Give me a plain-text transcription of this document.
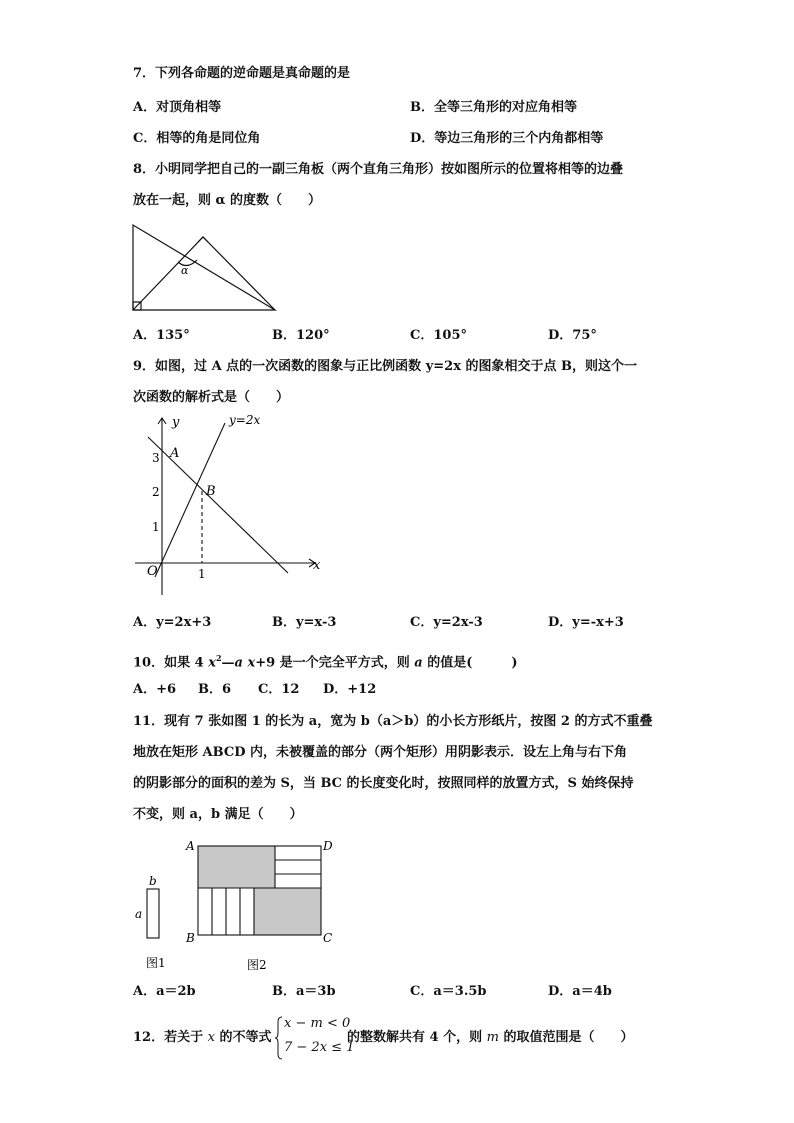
7．下列各命题的逆命题是真命题的是
A．对顶角相等	B．全等三角形的对应角相等
C．相等的角是同位角	D．等边三角形的三个内角都相等
8．小明同学把自己的一副三角板（两个直角三角形）按如图所示的位置将相等的边叠
放在一起，则 α 的度数（　　）
α
A．135°	B．120°	C．105°	D．75°
9．如图，过 A 点的一次函数的图象与正比例函数 y=2x 的图象相交于点 B，则这个一
次函数的解析式是（　　）
y
x
O
3
2
1
1
A
B
y=2x
A．y=2x+3	B．y=x-3	C．y=2x-3	D．y=-x+3
10．如果 4 $x^2—a$ x+9 是一个完全平方式，则 a 的值是(　　　)
A．+6 B．6 C．12 D．+12
11．现有 7 张如图 1 的长为 a，宽为 b（a＞b）的小长方形纸片，按图 2 的方式不重叠
地放在矩形 ABCD 内，未被覆盖的部分（两个矩形）用阴影表示．设左上角与右下角
的阴影部分的面积的差为 S，当 BC 的长度变化时，按照同样的放置方式，S 始终保持
不变，则 a，b 满足（　　）
b
a
图1
A	D
B	C
图2
A．a＝2b	B．a＝3b	C．a＝3.5b	D．a＝4b
12．若关于 x 的不等式
x − m < 0
7 − 2x ≤ 1
的整数解共有 4 个，则 m 的取值范围是（　　）
